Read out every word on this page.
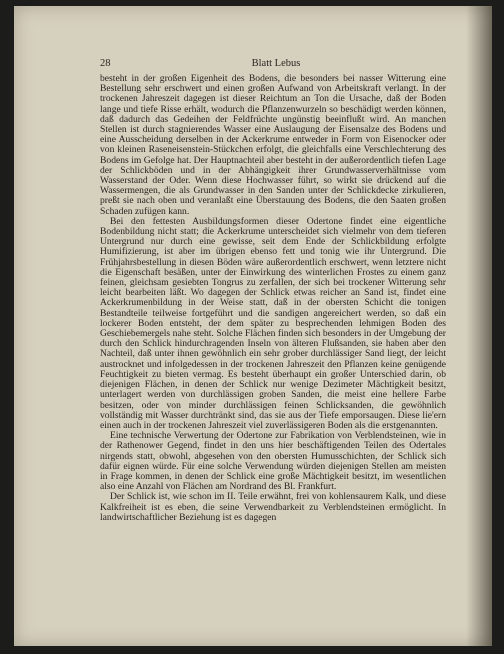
28	Blatt Lebus

besteht in der großen Eigenheit des Bodens, die besonders bei nasser Witterung eine Bestellung sehr erschwert und einen großen Aufwand von Arbeitskraft verlangt. In der trockenen Jahreszeit dagegen ist dieser Reichtum an Ton die Ursache, daß der Boden lange und tiefe Risse erhält, wodurch die Pflanzenwurzeln so beschädigt werden können, daß dadurch das Gedeihen der Feldfrüchte ungünstig beeinflußt wird. An manchen Stellen ist durch stagnierendes Wasser eine Auslaugung der Eisensalze des Bodens und eine Ausscheidung derselben in der Ackerkrume entweder in Form von Eisenocker oder von kleinen Raseneisenstein-Stückchen erfolgt, die gleichfalls eine Verschlechterung des Bodens im Gefolge hat. Der Hauptnachteil aber besteht in der außerordentlich tiefen Lage der Schlickböden und in der Abhängigkeit ihrer Grundwasserverhältnisse vom Wasserstand der Oder. Wenn diese Hochwasser führt, so wirkt sie drückend auf die Wassermengen, die als Grundwasser in den Sanden unter der Schlickdecke zirkulieren, preßt sie nach oben und veranlaßt eine Überstauung des Bodens, die den Saaten großen Schaden zufügen kann.

Bei den fettesten Ausbildungsformen dieser Odertone findet eine eigentliche Bodenbildung nicht statt; die Ackerkrume unterscheidet sich vielmehr von dem tieferen Untergrund nur durch eine gewisse, seit dem Ende der Schlickbildung erfolgte Humifizierung, ist aber im übrigen ebenso fett und tonig wie ihr Untergrund. Die Frühjahrsbestellung in diesen Böden wäre außerordentlich erschwert, wenn letztere nicht die Eigenschaft besäßen, unter der Einwirkung des winterlichen Frostes zu einem ganz feinen, gleichsam gesiebten Tongrus zu zerfallen, der sich bei trockener Witterung sehr leicht bearbeiten läßt. Wo dagegen der Schlick etwas reicher an Sand ist, findet eine Ackerkrumenbildung in der Weise statt, daß in der obersten Schicht die tonigen Bestandteile teilweise fortgeführt und die sandigen angereichert werden, so daß ein lockerer Boden entsteht, der dem später zu besprechenden lehmigen Boden des Geschiebemergels nahe steht. Solche Flächen finden sich besonders in der Umgebung der durch den Schlick hindurchragenden Inseln von älteren Flußsanden, sie haben aber den Nachteil, daß unter ihnen gewöhnlich ein sehr grober durchlässiger Sand liegt, der leicht austrocknet und infolgedessen in der trockenen Jahreszeit den Pflanzen keine genügende Feuchtigkeit zu bieten vermag. Es besteht überhaupt ein großer Unterschied darin, ob diejenigen Flächen, in denen der Schlick nur wenige Dezimeter Mächtigkeit besitzt, unterlagert werden von durchlässigen groben Sanden, die meist eine hellere Farbe besitzen, oder von minder durchlässigen feinen Schlicksanden, die gewöhnlich vollständig mit Wasser durchtränkt sind, das sie aus der Tiefe emporsaugen. Diese lie'ern einen auch in der trockenen Jahreszeit viel zuverlässigeren Boden als die erstgenannten.

Eine technische Verwertung der Odertone zur Fabrikation von Verblendsteinen, wie in der Rathenower Gegend, findet in den uns hier beschäftigenden Teilen des Odertales nirgends statt, obwohl, abgesehen von den obersten Humusschichten, der Schlick sich dafür eignen würde. Für eine solche Verwendung würden diejenigen Stellen am meisten in Frage kommen, in denen der Schlick eine große Mächtigkeit besitzt, im wesentlichen also eine Anzahl von Flächen am Nordrand des Bl. Frankfurt.

Der Schlick ist, wie schon im II. Teile erwähnt, frei von kohlensaurem Kalk, und diese Kalkfreiheit ist es eben, die seine Verwendbarkeit zu Verblendsteinen ermöglicht. In landwirtschaftlicher Beziehung ist es dagegen
